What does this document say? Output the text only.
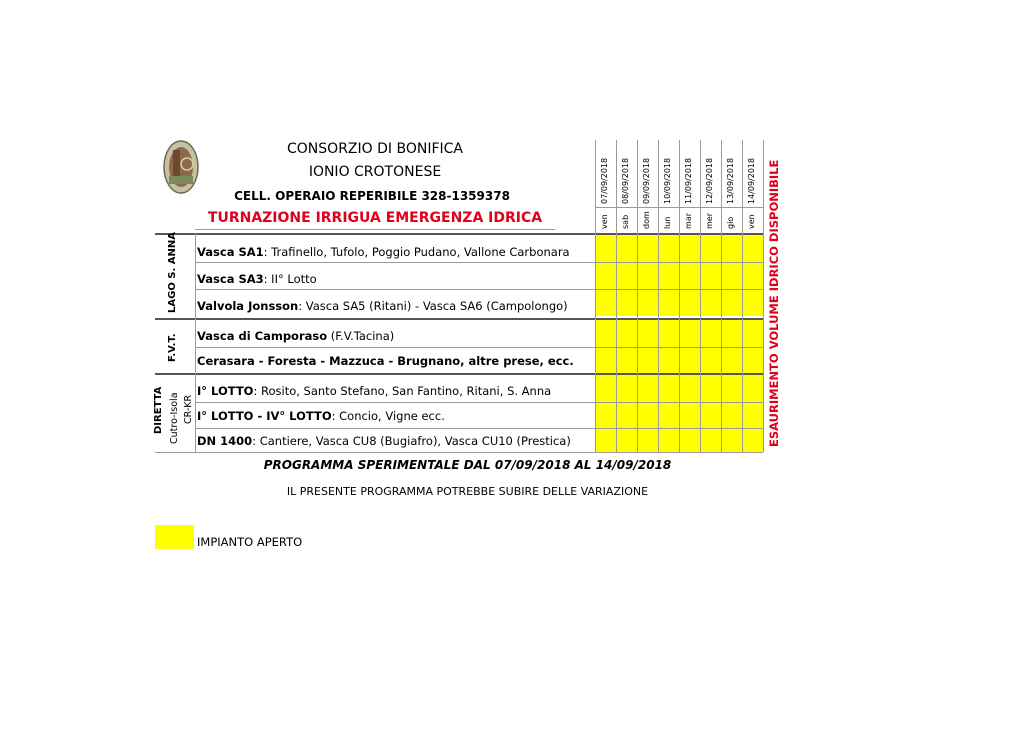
CONSORZIO DI BONIFICA
IONIO CROTONESE
CELL. OPERAIO REPERIBILE 328-1359378
TURNAZIONE IRRIGUA EMERGENZA IDRICA
LAGO S. ANNA
F.V.T.
DIRETTA Cutro-Isola CR-KR
Vasca SA1: Trafinello, Tufolo, Poggio Pudano, Vallone Carbonara
Vasca SA3: II° Lotto
Valvola Jonsson: Vasca SA5 (Ritani) - Vasca SA6 (Campolongo)
Vasca di Camporaso (F.V.Tacina)
Cerasara - Foresta - Mazzuca - Brugnano, altre prese, ecc.
I° LOTTO: Rosito, Santo Stefano, San Fantino, Ritani, S. Anna
I° LOTTO - IV° LOTTO: Concio, Vigne ecc.
DN 1400: Cantiere, Vasca CU8 (Bugiafro), Vasca CU10 (Prestica)
07/09/2018
ven
08/09/2018
sab
09/09/2018
dom
10/09/2018
lun
11/09/2018
mar
12/09/2018
mer
13/09/2018
gio
14/09/2018
ven ESAURIMENTO VOLUME IDRICO DISPONIBILE
PROGRAMMA SPERIMENTALE DAL 07/09/2018 AL 14/09/2018
IL PRESENTE PROGRAMMA POTREBBE SUBIRE DELLE VARIAZIONE
IMPIANTO APERTO
